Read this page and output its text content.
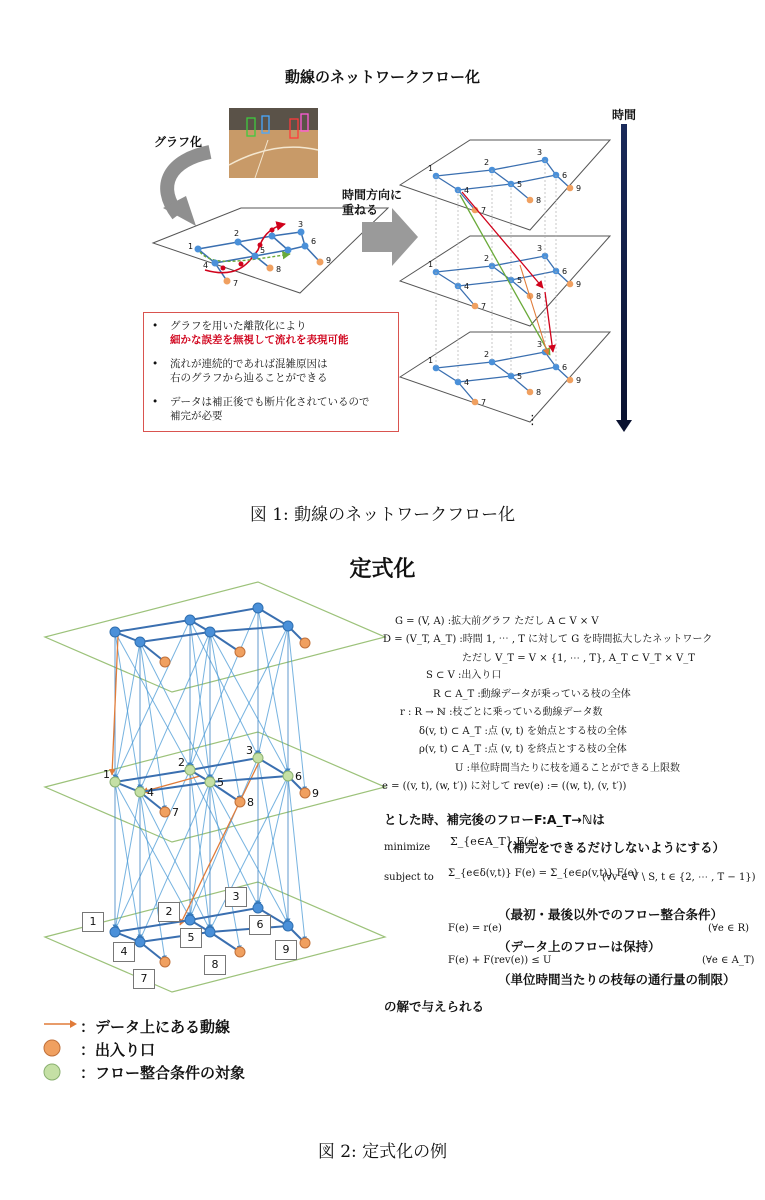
動線のネットワークフロー化
1
2
3
4
5
6
7
8
9
1
2
3
4
5
6
7
8
9
1
2
3
4
5
6
7
8
9
1
2
3
4
5
6
7
8
9
⋮
グラフ化
時間方向に
重ねる
時間
• グラフを用いた離散化により
細かな誤差を無視して流れを表現可能
• 流れが連続的であれば混雑原因は
右のグラフから辿ることができる
• データは補正後でも断片化されているので
補完が必要
図 1: 動線のネットワークフロー化
定式化
1
2
3
4
5	6
7
8
9
1
2
3
4
5
6
7
8
9
G = (V, A) :拡大前グラフ ただし A ⊂ V × V
D = (V_T, A_T) :時間 1, ⋯ , T に対して G を時間拡大したネットワーク
ただし V_T = V × {1, ⋯ , T}, A_T ⊂ V_T × V_T
S ⊂ V :出入り口
R ⊂ A_T :動線データが乗っている枝の全体
r : R → ℕ :枝ごとに乗っている動線データ数
δ(v, t) ⊂ A_T :点 (v, t) を始点とする枝の全体
ρ(v, t) ⊂ A_T :点 (v, t) を終点とする枝の全体
U :単位時間当たりに枝を通ることができる上限数
e = ((v, t), (w, t′)) に対して rev(e) := ((w, t), (v, t′))
とした時、補完後のフローF:A_T→ℕは
minimize Σ_{e∈A_T} F(e)
（補完をできるだけしないようにする）
subject to Σ_{e∈δ(v,t)} F(e) = Σ_{e∈ρ(v,t)} F(e)
(∀v ∈ V \ S, t ∈ {2, ⋯ , T − 1})
（最初・最後以外でのフロー整合条件）
F(e) = r(e)	(∀e ∈ R)
（データ上のフローは保持）
F(e) + F(rev(e)) ≤ U	(∀e ∈ A_T)
（単位時間当たりの枝毎の通行量の制限）
の解で与えられる
：データ上にある動線
：出入り口
：フロー整合条件の対象
図 2: 定式化の例
